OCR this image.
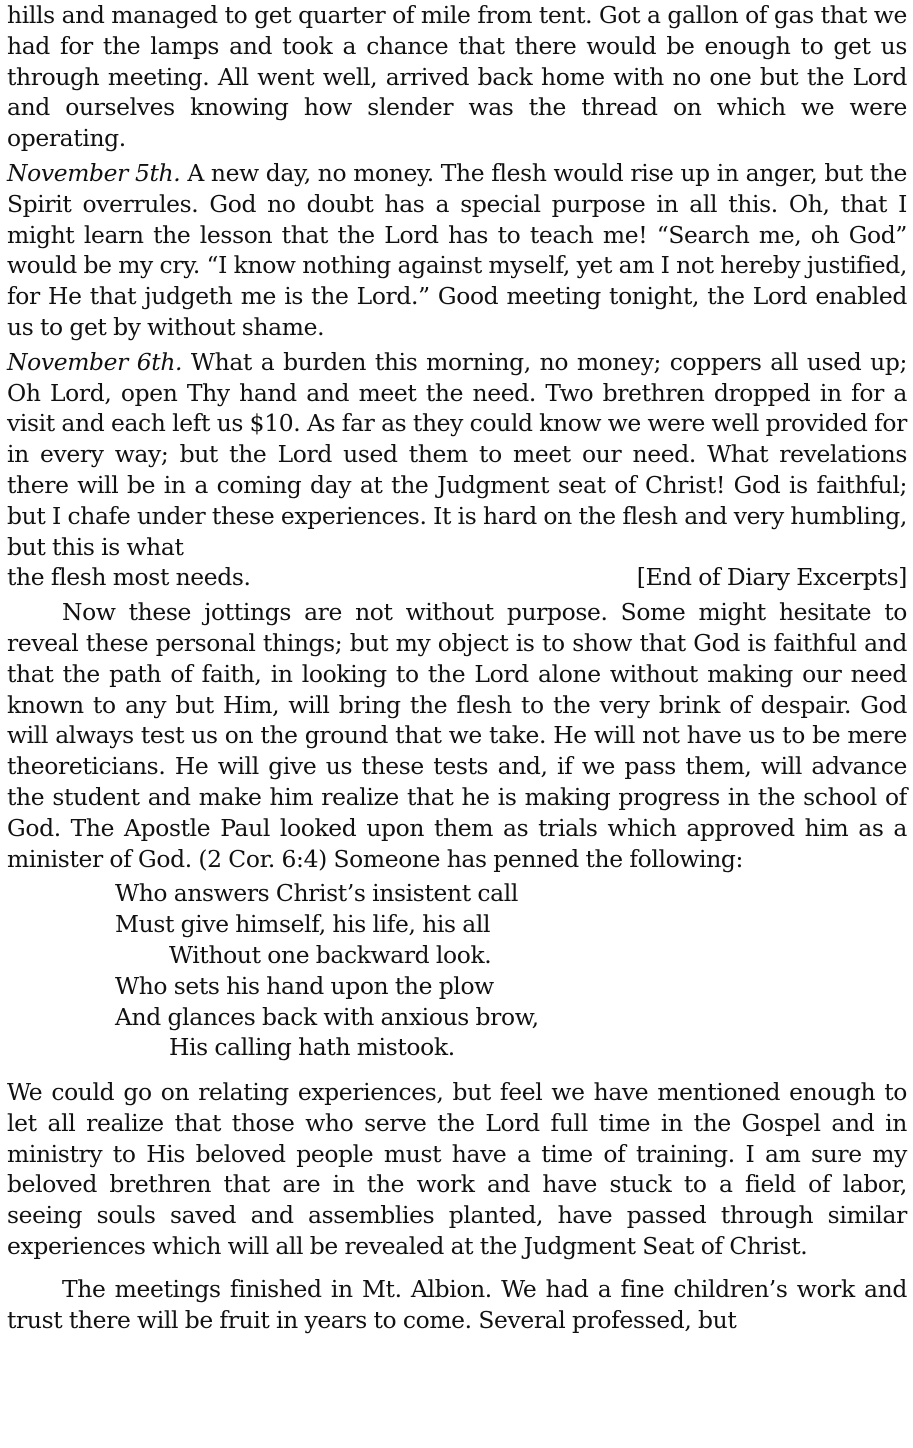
hills and managed to get quarter of mile from tent. Got a gallon of gas that we had for the lamps and took a chance that there would be enough to get us through meeting. All went well, arrived back home with no one but the Lord and ourselves knowing how slender was the thread on which we were operating.

November 5th. A new day, no money. The flesh would rise up in anger, but the Spirit overrules. God no doubt has a special purpose in all this. Oh, that I might learn the lesson that the Lord has to teach me! “Search me, oh God” would be my cry. “I know nothing against myself, yet am I not hereby justified, for He that judgeth me is the Lord.” Good meeting tonight, the Lord enabled us to get by without shame.

November 6th. What a burden this morning, no money; coppers all used up; Oh Lord, open Thy hand and meet the need. Two brethren dropped in for a visit and each left us $10. As far as they could know we were well provided for in every way; but the Lord used them to meet our need. What revelations there will be in a coming day at the Judgment seat of Christ! God is faithful; but I chafe under these experiences. It is hard on the flesh and very humbling, but this is what

the flesh most needs.	[End of Diary Excerpts]

Now these jottings are not without purpose. Some might hesitate to reveal these personal things; but my object is to show that God is faithful and that the path of faith, in looking to the Lord alone without making our need known to any but Him, will bring the flesh to the very brink of despair. God will always test us on the ground that we take. He will not have us to be mere theoreticians. He will give us these tests and, if we pass them, will advance the student and make him realize that he is making progress in the school of God. The Apostle Paul looked upon them as trials which approved him as a minister of God. (2 Cor. 6:4) Someone has penned the following:

Who answers Christ’s insistent call
Must give himself, his life, his all
Without one backward look.
Who sets his hand upon the plow
And glances back with anxious brow,
His calling hath mistook.

We could go on relating experiences, but feel we have mentioned enough to let all realize that those who serve the Lord full time in the Gospel and in ministry to His beloved people must have a time of training. I am sure my beloved brethren that are in the work and have stuck to a field of labor, seeing souls saved and assemblies planted, have passed through similar experiences which will all be revealed at the Judgment Seat of Christ.

The meetings finished in Mt. Albion. We had a fine children’s work and trust there will be fruit in years to come. Several professed, but
